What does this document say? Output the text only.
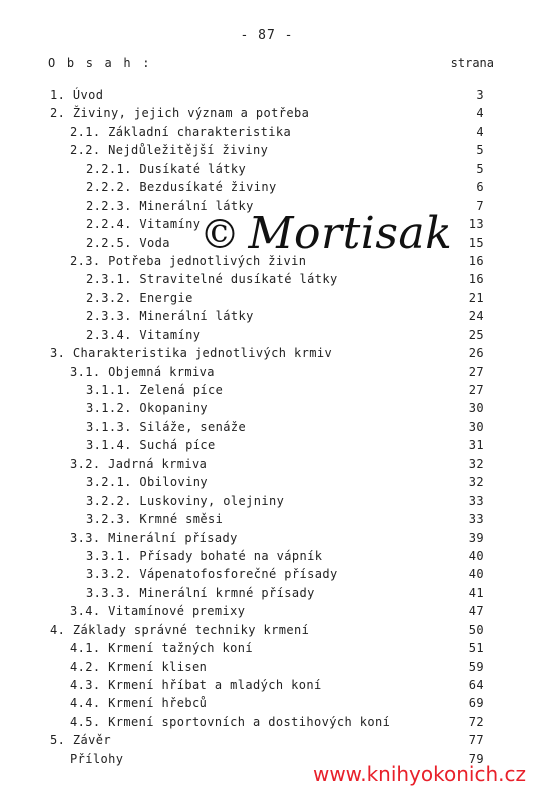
- 87 -
O b s a h :	strana
1. Úvod	3
2. Živiny, jejich význam a potřeba	4
2.1. Základní charakteristika	4
2.2. Nejdůležitější živiny	5
2.2.1. Dusíkaté látky	5
2.2.2. Bezdusíkaté živiny	6
2.2.3. Minerální látky	7
2.2.4. Vitamíny	13
2.2.5. Voda	15
2.3. Potřeba jednotlivých živin	16
2.3.1. Stravitelné dusíkaté látky	16
2.3.2. Energie	21
2.3.3. Minerální látky	24
2.3.4. Vitamíny	25
3. Charakteristika jednotlivých krmiv	26
3.1. Objemná krmiva	27
3.1.1. Zelená píce	27
3.1.2. Okopaniny	30
3.1.3. Siláže, senáže	30
3.1.4. Suchá píce	31
3.2. Jadrná krmiva	32
3.2.1. Obiloviny	32
3.2.2. Luskoviny, olejniny	33
3.2.3. Krmné směsi	33
3.3. Minerální přísady	39
3.3.1. Přísady bohaté na vápník	40
3.3.2. Vápenatofosforečné přísady	40
3.3.3. Minerální krmné přísady	41
3.4. Vitamínové premixy	47
4. Základy správné techniky krmení	50
4.1. Krmení tažných koní	51
4.2. Krmení klisen	59
4.3. Krmení hříbat a mladých koní	64
4.4. Krmení hřebců	69
4.5. Krmení sportovních a dostihových koní	72
5. Závěr	77
Přílohy	79
© Mortisak
www.knihyokonich.cz
